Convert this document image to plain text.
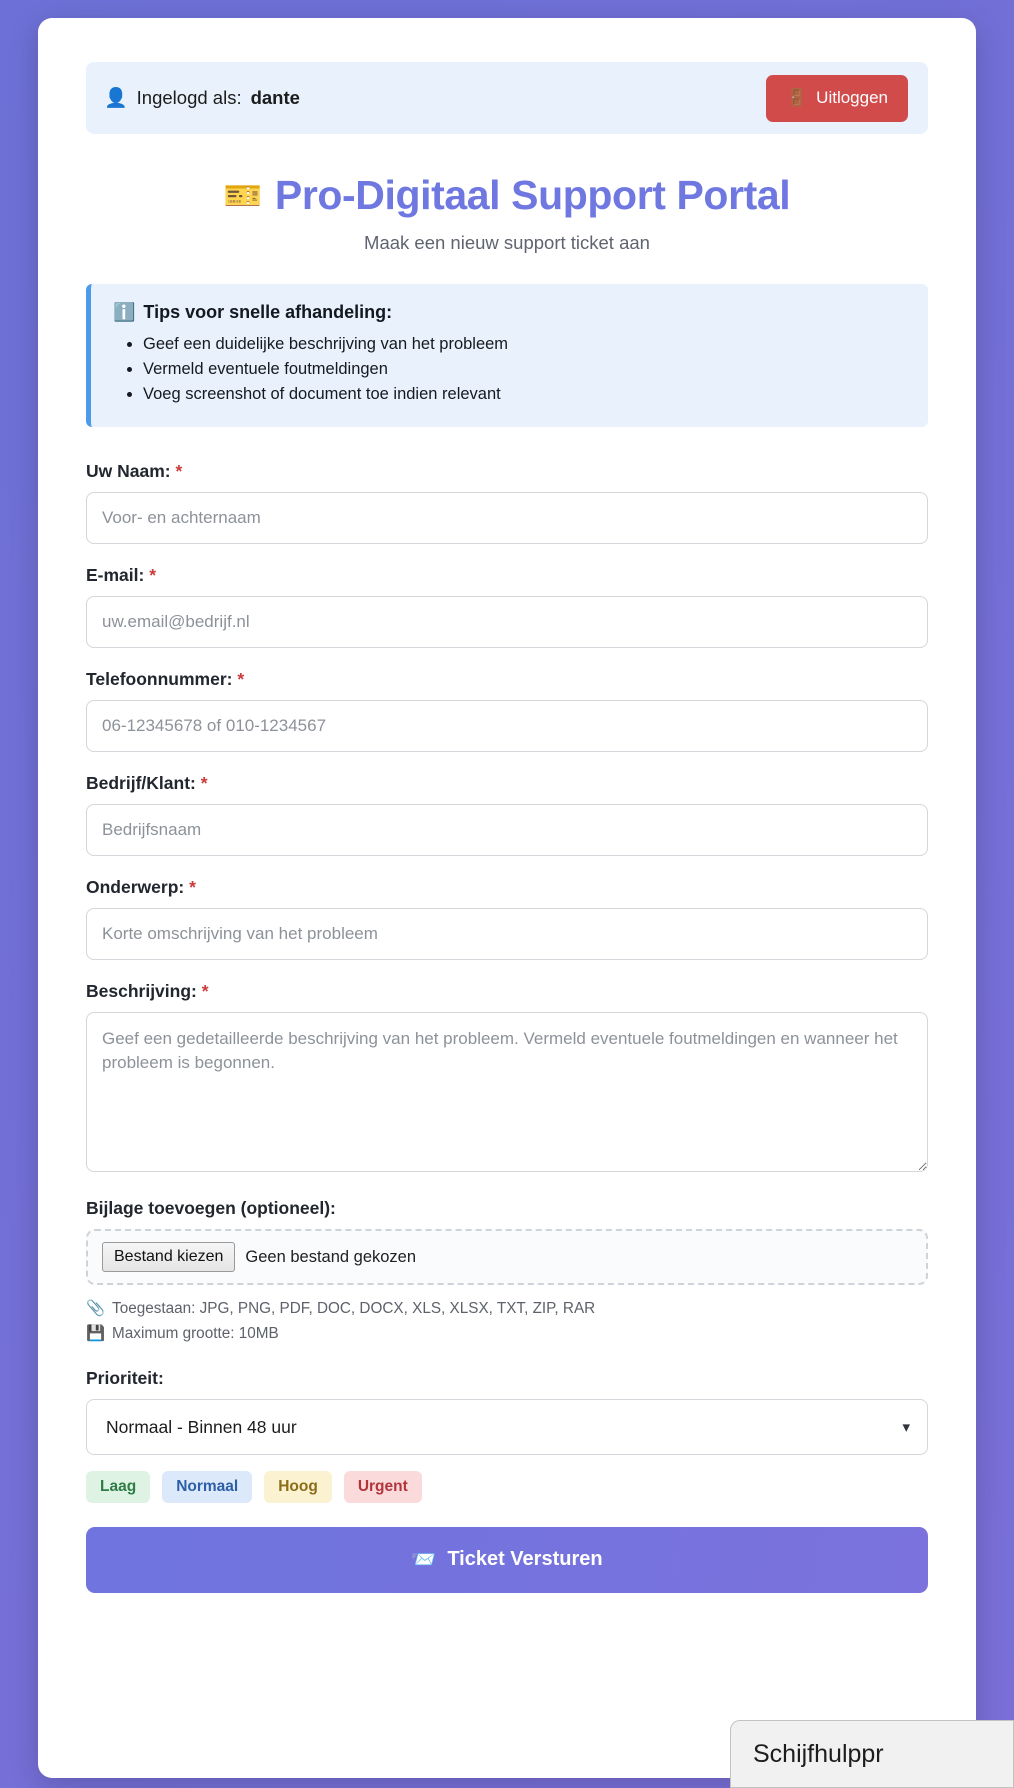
👤 Ingelogd als: dante	🚪 Uitloggen
🎫 Pro-Digitaal Support Portal
Maak een nieuw support ticket aan
ℹ️ Tips voor snelle afhandeling:
• Geef een duidelijke beschrijving van het probleem
• Vermeld eventuele foutmeldingen
• Voeg screenshot of document toe indien relevant
Uw Naam: *
Voor- en achternaam
E-mail: *
uw.email@bedrijf.nl
Telefoonnummer: *
06-12345678 of 010-1234567
Bedrijf/Klant: *
Bedrijfsnaam
Onderwerp: *
Korte omschrijving van het probleem
Beschrijving: *
Geef een gedetailleerde beschrijving van het probleem. Vermeld eventuele foutmeldingen en wanneer het probleem is begonnen.
Bijlage toevoegen (optioneel):
Bestand kiezen	Geen bestand gekozen
📎 Toegestaan: JPG, PNG, PDF, DOC, DOCX, XLS, XLSX, TXT, ZIP, RAR
💾 Maximum grootte: 10MB
Prioriteit:
Normaal - Binnen 48 uur
▾
Laag	Normaal	Hoog	Urgent
📨 Ticket Versturen
Schijfhulppr
